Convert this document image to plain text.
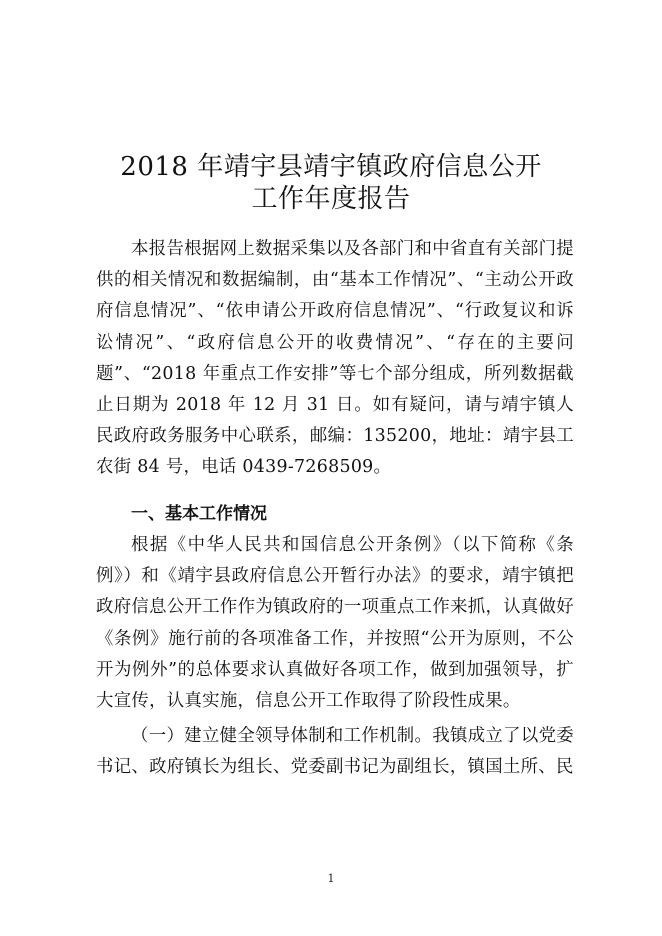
2018 年靖宇县靖宇镇政府信息公开
工作年度报告

本报告根据网上数据采集以及各部门和中省直有关部门提供的相关情况和数据编制，由“基本工作情况”、“主动公开政府信息情况”、“依申请公开政府信息情况”、“行政复议和诉讼情况”、“政府信息公开的收费情况”、“存在的主要问题”、“2018 年重点工作安排”等七个部分组成，所列数据截止日期为 2018 年 12 月 31 日。如有疑问，请与靖宇镇人民政府政务服务中心联系，邮编：135200，地址：靖宇县工农街 84 号，电话 0439-7268509。

一、基本工作情况

根据《中华人民共和国信息公开条例》（以下简称《条例》）和《靖宇县政府信息公开暂行办法》的要求，靖宇镇把政府信息公开工作作为镇政府的一项重点工作来抓，认真做好《条例》施行前的各项准备工作，并按照“公开为原则，不公开为例外”的总体要求认真做好各项工作，做到加强领导，扩大宣传，认真实施，信息公开工作取得了阶段性成果。

（一）建立健全领导体制和工作机制。我镇成立了以党委书记、政府镇长为组长、党委副书记为副组长，镇国土所、民

1
